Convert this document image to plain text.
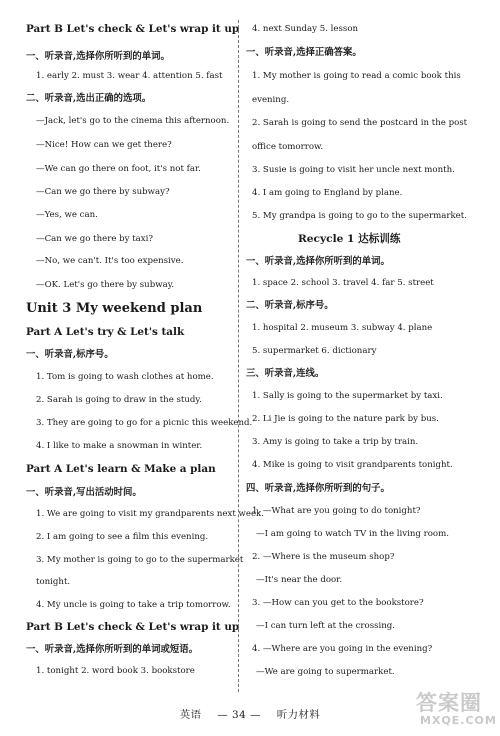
Part B Let's check & Let's wrap it up
一、听录音,选择你所听到的单词。
1. early 2. must 3. wear 4. attention 5. fast
二、听录音,选出正确的选项。
—Jack, let's go to the cinema this afternoon.
—Nice! How can we get there?
—We can go there on foot, it's not far.
—Can we go there by subway?
—Yes, we can.
—Can we go there by taxi?
—No, we can't. It's too expensive.
—OK. Let's go there by subway.
Unit 3 My weekend plan
Part A Let's try & Let's talk
一、听录音,标序号。
1. Tom is going to wash clothes at home.
2. Sarah is going to draw in the study.
3. They are going to go for a picnic this weekend.
4. I like to make a snowman in winter.
Part A Let's learn & Make a plan
一、听录音,写出活动时间。
1. We are going to visit my grandparents next week.
2. I am going to see a film this evening.
3. My mother is going to go to the supermarket
tonight.
4. My uncle is going to take a trip tomorrow.
Part B Let's check & Let's wrap it up
一、听录音,选择你所听到的单词或短语。
1. tonight 2. word book 3. bookstore
4. next Sunday 5. lesson
一、听录音,选择正确答案。
1. My mother is going to read a comic book this
evening.
2. Sarah is going to send the postcard in the post
office tomorrow.
3. Susie is going to visit her uncle next month.
4. I am going to England by plane.
5. My grandpa is going to go to the supermarket.
Recycle 1 达标训练
一、听录音,选择你所听到的单词。
1. space 2. school 3. travel 4. far 5. street
二、听录音,标序号。
1. hospital 2. museum 3. subway 4. plane
5. supermarket 6. dictionary
三、听录音,连线。
1. Sally is going to the supermarket by taxi.
2. Li Jie is going to the nature park by bus.
3. Amy is going to take a trip by train.
4. Mike is going to visit grandparents tonight.
四、听录音,选择你所听到的句子。
1. —What are you going to do tonight?
—I am going to watch TV in the living room.
2. —Where is the museum shop?
—It's near the door.
3. —How can you get to the bookstore?
—I can turn left at the crossing.
4. —Where are you going in the evening?
—We are going to supermarket.
英语 — 34 — 听力材料	答案圈
MXQE.COM
